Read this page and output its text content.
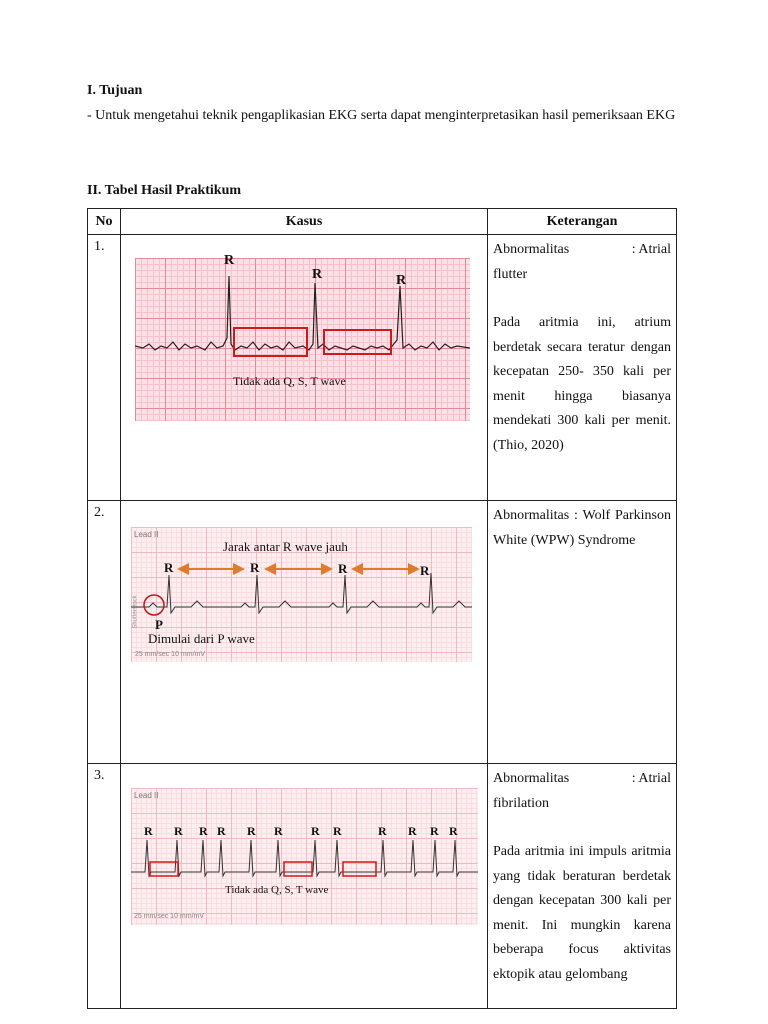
I. Tujuan
- Untuk mengetahui teknik pengaplikasian EKG serta dapat menginterpretasikan hasil pemeriksaan EKG
II. Tabel Hasil Praktikum
No	Kasus	Keterangan
1.		Abnormalitas : Atrial

flutter

Pada aritmia ini, atrium berdetak secara teratur dengan kecepatan 250- 350 kali per menit hingga biasanya mendekati 300 kali per menit. (Thio, 2020)

2.		Abnormalitas : Wolf Parkinson White (WPW) Syndrome

3.		Abnormalitas : Atrial

fibrilation

Pada aritmia ini impuls aritmia yang tidak beraturan berdetak dengan kecepatan 300 kali per menit. Ini mungkin karena beberapa focus aktivitas ektopik atau gelombang

R
R	R
Tidak ada Q, S, T wave
Lead II
Shutterstock
Jarak antar R wave jauh
R	R	R	R
P
Dimulai dari P wave
25 mm/sec 10 mm/mV
Lead II
R R R R R R R R	R R R R
Tidak ada Q, S, T wave
25 mm/sec 10 mm/mV
